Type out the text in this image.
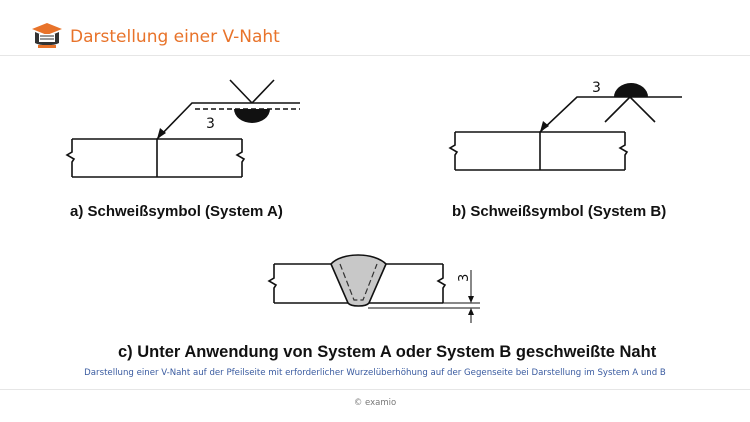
Darstellung einer V-Naht
3
3
3
a) Schweißsymbol (System A)	b) Schweißsymbol (System B)
c) Unter Anwendung von System A oder System B geschweißte Naht
Darstellung einer V-Naht auf der Pfeilseite mit erforderlicher Wurzelüberhöhung auf der Gegenseite bei Darstellung im System A und B
© examio
